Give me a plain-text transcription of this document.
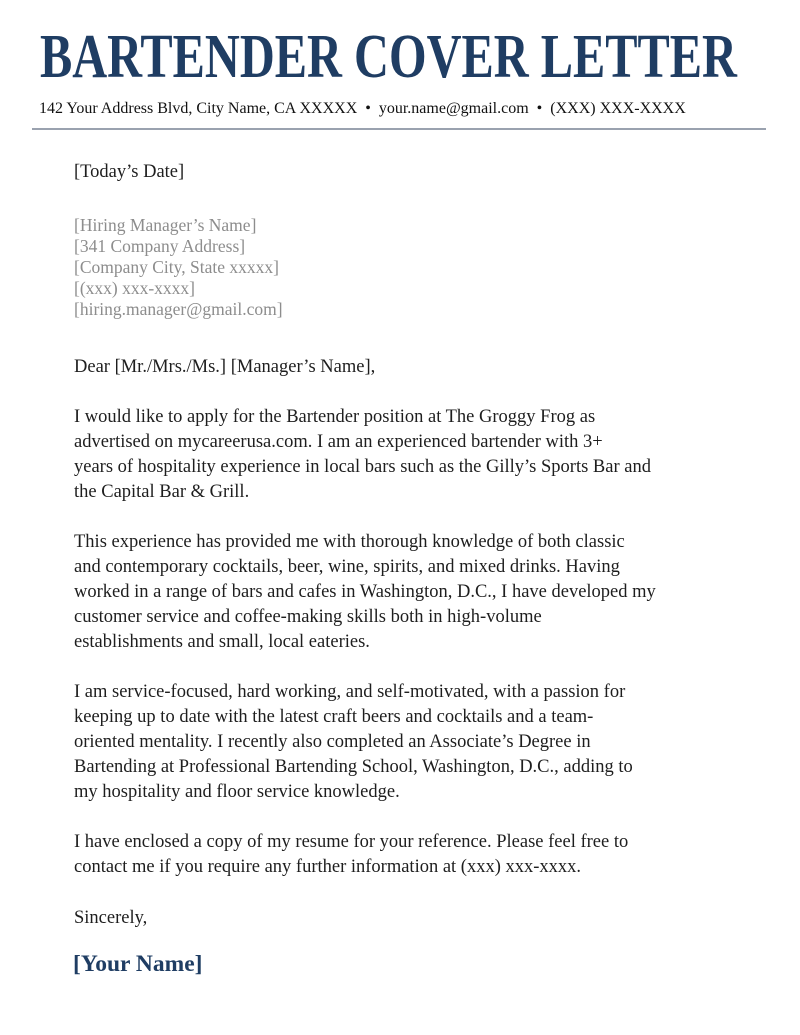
BARTENDER COVER LETTER
142 Your Address Blvd, City Name, CA XXXXX  •  your.name@gmail.com  •  (XXX) XXX-XXXX
[Today’s Date]
[Hiring Manager’s Name]
[341 Company Address]
[Company City, State xxxxx]
[(xxx) xxx-xxxx]
[hiring.manager@gmail.com]
Dear [Mr./Mrs./Ms.] [Manager’s Name],
I would like to apply for the Bartender position at The Groggy Frog as
advertised on mycareerusa.com. I am an experienced bartender with 3+
years of hospitality experience in local bars such as the Gilly’s Sports Bar and
the Capital Bar & Grill.
This experience has provided me with thorough knowledge of both classic
and contemporary cocktails, beer, wine, spirits, and mixed drinks. Having
worked in a range of bars and cafes in Washington, D.C., I have developed my
customer service and coffee-making skills both in high-volume
establishments and small, local eateries.
I am service-focused, hard working, and self-motivated, with a passion for
keeping up to date with the latest craft beers and cocktails and a team-
oriented mentality. I recently also completed an Associate’s Degree in
Bartending at Professional Bartending School, Washington, D.C., adding to
my hospitality and floor service knowledge.
I have enclosed a copy of my resume for your reference. Please feel free to
contact me if you require any further information at (xxx) xxx-xxxx.
Sincerely,
[Your Name]
